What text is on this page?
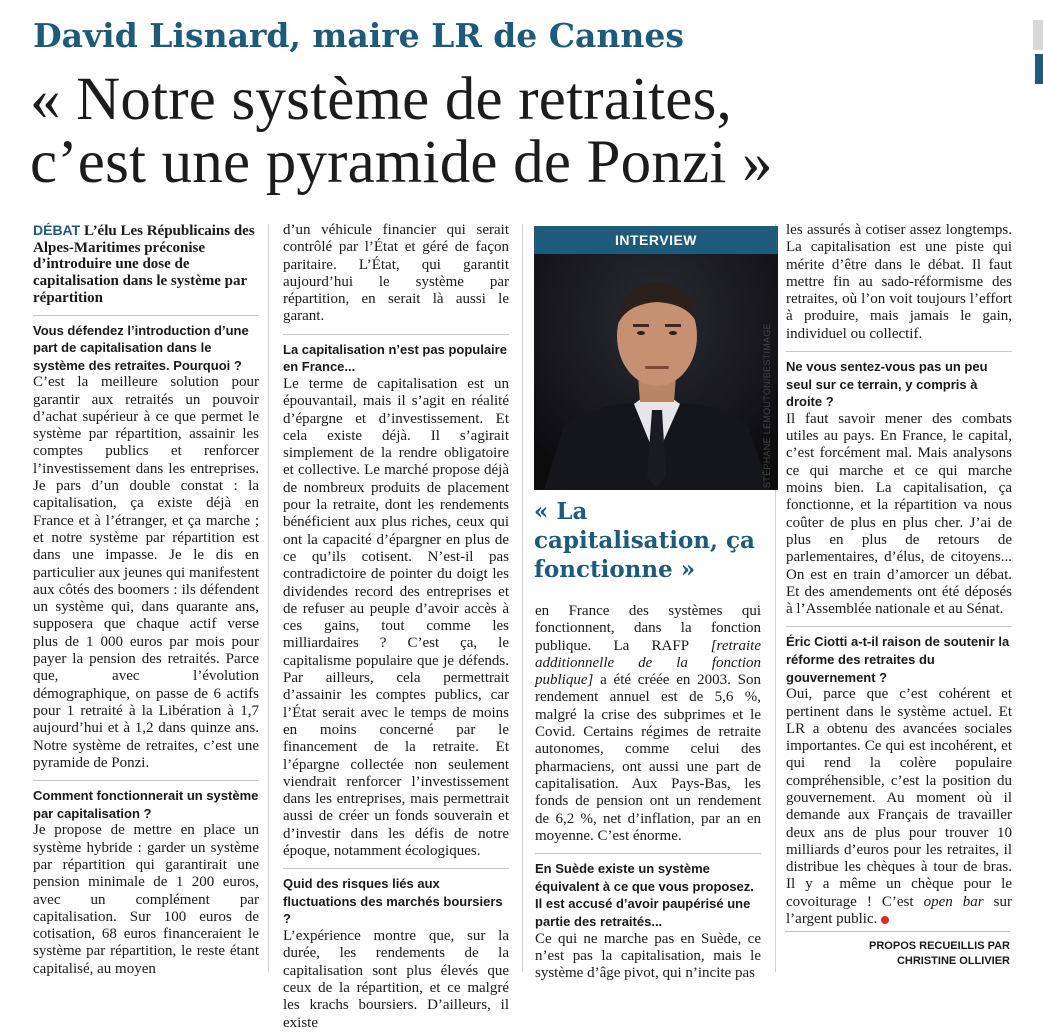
David Lisnard, maire LR de Cannes
« Notre système de retraites,
c’est une pyramide de Ponzi »

DÉBAT L’élu Les Républicains des Alpes-Maritimes préconise d’introduire une dose de capitalisation dans le système par répartition

Vous défendez l’introduction d’une part de capitalisation dans le système des retraites. Pourquoi ?

C’est la meilleure solution pour garantir aux retraités un pouvoir d’achat supérieur à ce que permet le système par répartition, assainir les comptes publics et renforcer l’investissement dans les entreprises. Je pars d’un double constat : la capitalisation, ça existe déjà en France et à l’étranger, et ça marche ; et notre système par répartition est dans une impasse. Je le dis en particulier aux jeunes qui manifestent aux côtés des boomers : ils défendent un système qui, dans quarante ans, supposera que chaque actif verse plus de 1 000 euros par mois pour payer la pension des retraités. Parce que, avec l’évolution démographique, on passe de 6 actifs pour 1 retraité à la Libération à 1,7 aujourd’hui et à 1,2 dans quinze ans. Notre système de retraites, c’est une pyramide de Ponzi.

Comment fonctionnerait un système par capitalisation ?

Je propose de mettre en place un système hybride : garder un système par répartition qui garantirait une pension minimale de 1 200 euros, avec un complément par capitalisation. Sur 100 euros de cotisation, 68 euros financeraient le système par répartition, le reste étant capitalisé, au moyen

d’un véhicule financier qui serait contrôlé par l’État et géré de façon paritaire. L’État, qui garantit aujourd’hui le système par répartition, en serait là aussi le garant.

La capitalisation n’est pas populaire en France...

Le terme de capitalisation est un épouvantail, mais il s’agit en réalité d’épargne et d’investissement. Et cela existe déjà. Il s’agirait simplement de la rendre obligatoire et collective. Le marché propose déjà de nombreux produits de placement pour la retraite, dont les rendements bénéficient aux plus riches, ceux qui ont la capacité d’épargner en plus de ce qu’ils cotisent. N’est-il pas contradictoire de pointer du doigt les dividendes record des entreprises et de refuser au peuple d’avoir accès à ces gains, tout comme les milliardaires ? C’est ça, le capitalisme populaire que je défends. Par ailleurs, cela permettrait d’assainir les comptes publics, car l’État serait avec le temps de moins en moins concerné par le financement de la retraite. Et l’épargne collectée non seulement viendrait renforcer l’investissement dans les entreprises, mais permettrait aussi de créer un fonds souverain et d’investir dans les défis de notre époque, notamment écologiques.

Quid des risques liés aux fluctuations des marchés boursiers ?

L’expérience montre que, sur la durée, les rendements de la capitalisation sont plus élevés que ceux de la répartition, et ce malgré les krachs boursiers. D’ailleurs, il existe

INTERVIEW
STÉPHANE LEMOUTON/BESTIMAGE
« La capitalisation, ça fonctionne »

en France des systèmes qui fonctionnent, dans la fonction publique. La RAFP [retraite additionnelle de la fonction publique] a été créée en 2003. Son rendement annuel est de 5,6 %, malgré la crise des subprimes et le Covid. Certains régimes de retraite autonomes, comme celui des pharmaciens, ont aussi une part de capitalisation. Aux Pays-Bas, les fonds de pension ont un rendement de 6,2 %, net d’inflation, par an en moyenne. C’est énorme.

En Suède existe un système équivalent à ce que vous proposez. Il est accusé d’avoir paupérisé une partie des retraités...

Ce qui ne marche pas en Suède, ce n’est pas la capitalisation, mais le système d’âge pivot, qui n’incite pas

les assurés à cotiser assez longtemps. La capitalisation est une piste qui mérite d’être dans le débat. Il faut mettre fin au sado-réformisme des retraites, où l’on voit toujours l’effort à produire, mais jamais le gain, individuel ou collectif.

Ne vous sentez-vous pas un peu seul sur ce terrain, y compris à droite ?

Il faut savoir mener des combats utiles au pays. En France, le capital, c’est forcément mal. Mais analysons ce qui marche et ce qui marche moins bien. La capitalisation, ça fonctionne, et la répartition va nous coûter de plus en plus cher. J’ai de plus en plus de retours de parlementaires, d’élus, de citoyens... On est en train d’amorcer un débat. Et des amendements ont été déposés à l’Assemblée nationale et au Sénat.

Éric Ciotti a-t-il raison de soutenir la réforme des retraites du gouvernement ?

Oui, parce que c’est cohérent et pertinent dans le système actuel. Et LR a obtenu des avancées sociales importantes. Ce qui est incohérent, et qui rend la colère populaire compréhensible, c’est la position du gouvernement. Au moment où il demande aux Français de travailler deux ans de plus pour trouver 10 milliards d’euros pour les retraites, il distribue les chèques à tour de bras. Il y a même un chèque pour le covoiturage ! C’est open bar sur l’argent public.

PROPOS RECUEILLIS PAR
CHRISTINE OLLIVIER
